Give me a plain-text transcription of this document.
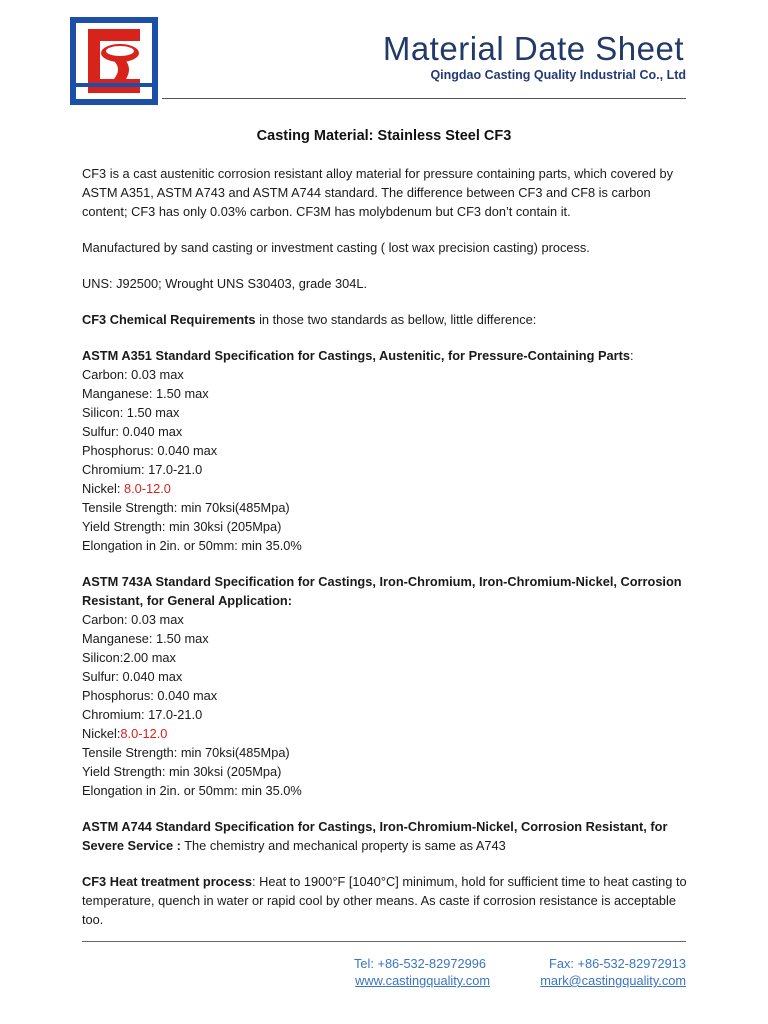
Material Date Sheet
Qingdao Casting Quality Industrial Co., Ltd
Casting Material: Stainless Steel CF3

CF3 is a cast austenitic corrosion resistant alloy material for pressure containing parts, which covered by ASTM A351, ASTM A743 and ASTM A744 standard. The difference between CF3 and CF8 is carbon content; CF3 has only 0.03% carbon. CF3M has molybdenum but CF3 don’t contain it.

Manufactured by sand casting or investment casting ( lost wax precision casting) process.

UNS: J92500; Wrought UNS S30403, grade 304L.

CF3 Chemical Requirements in those two standards as bellow, little difference:

ASTM A351 Standard Specification for Castings, Austenitic, for Pressure-Containing Parts:
Carbon: 0.03 max
Manganese: 1.50 max
Silicon: 1.50 max
Sulfur: 0.040 max
Phosphorus: 0.040 max
Chromium: 17.0-21.0
Nickel: 8.0-12.0
Tensile Strength: min 70ksi(485Mpa)
Yield Strength: min 30ksi (205Mpa)
Elongation in 2in. or 50mm: min 35.0%
ASTM 743A Standard Specification for Castings, Iron-Chromium, Iron-Chromium-Nickel, Corrosion Resistant, for General Application:
Carbon: 0.03 max
Manganese: 1.50 max
Silicon:2.00 max
Sulfur: 0.040 max
Phosphorus: 0.040 max
Chromium: 17.0-21.0
Nickel:8.0-12.0
Tensile Strength: min 70ksi(485Mpa)
Yield Strength: min 30ksi (205Mpa)
Elongation in 2in. or 50mm: min 35.0%

ASTM A744 Standard Specification for Castings, Iron-Chromium-Nickel, Corrosion Resistant, for Severe Service : The chemistry and mechanical property is same as A743

CF3 Heat treatment process: Heat to 1900°F [1040°C] minimum, hold for sufficient time to heat casting to temperature, quench in water or rapid cool by other means. As caste if corrosion resistance is acceptable too.

Tel: +86-532-82972996	Fax: +86-532-82972913
www.castingquality.com	mark@castingquality.com
